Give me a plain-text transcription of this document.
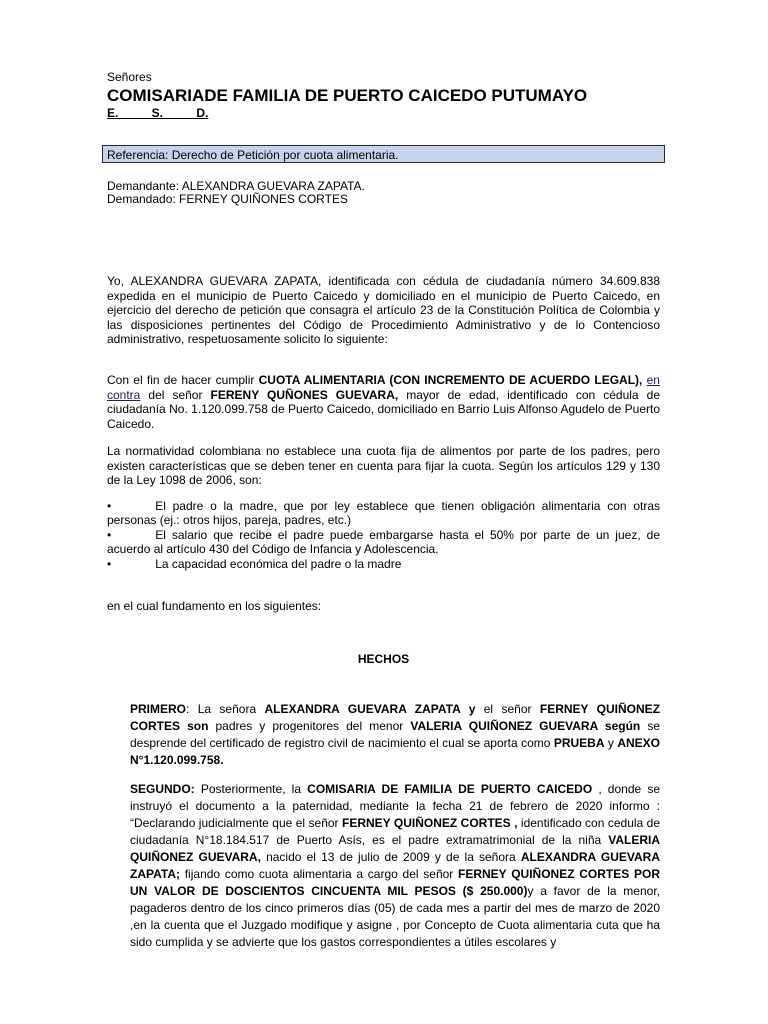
Señores
COMISARIADE FAMILIA DE PUERTO CAICEDO PUTUMAYO
E. S. D.
Referencia: Derecho de Petición por cuota alimentaria.
Demandante: ALEXANDRA GUEVARA ZAPATA.
Demandado: FERNEY QUIÑONES CORTES
Yo, ALEXANDRA GUEVARA ZAPATA, identificada con cédula de ciudadanía número 34.609.838 expedida en el municipio de Puerto Caicedo y domiciliado en el municipio de Puerto Caicedo, en ejercicio del derecho de petición que consagra el artículo 23 de la Constitución Política de Colombia y las disposiciones pertinentes del Código de Procedimiento Administrativo y de lo Contencioso administrativo, respetuosamente solicito lo siguiente:
Con el fin de hacer cumplir CUOTA ALIMENTARIA (CON INCREMENTO DE ACUERDO LEGAL), en contra del señor FERENY QUÑONES GUEVARA, mayor de edad, identificado con cédula de ciudadanía No. 1.120.099.758 de Puerto Caicedo, domiciliado en Barrio Luis Alfonso Agudelo de Puerto Caicedo.
La normatividad colombiana no establece una cuota fija de alimentos por parte de los padres, pero existen características que se deben tener en cuenta para fijar la cuota. Según los artículos 129 y 130 de la Ley 1098 de 2006, son:
•	El padre o la madre, que por ley establece que tienen obligación alimentaria con otras personas (ej.: otros hijos, pareja, padres, etc.)
•	El salario que recibe el padre puede embargarse hasta el 50% por parte de un juez, de acuerdo al artículo 430 del Código de Infancia y Adolescencia.
•	La capacidad económica del padre o la madre
en el cual fundamento en los siguientes:
HECHOS
PRIMERO: La señora ALEXANDRA GUEVARA ZAPATA y el señor FERNEY QUIÑONEZ CORTES son padres y progenitores del menor VALERIA QUIÑONEZ GUEVARA según se desprende del certificado de registro civil de nacimiento el cual se aporta como PRUEBA y ANEXO N°1.120.099.758.
SEGUNDO: Posteriormente, la COMISARIA DE FAMILIA DE PUERTO CAICEDO , donde se instruyó el documento a la paternidad, mediante la fecha 21 de febrero de 2020 informo : “Declarando judicialmente que el señor FERNEY QUIÑONEZ CORTES , identificado con cedula de ciudadanía N°18.184.517 de Puerto Asís, es el padre extramatrimonial de la niña VALERIA QUIÑONEZ GUEVARA, nacido el 13 de julio de 2009 y de la señora ALEXANDRA GUEVARA ZAPATA; fijando como cuota alimentaria a cargo del señor FERNEY QUIÑONEZ CORTES POR UN VALOR DE DOSCIENTOS CINCUENTA MIL PESOS ($ 250.000)y a favor de la menor, pagaderos dentro de los cinco primeros días (05) de cada mes a partir del mes de marzo de 2020 ,en la cuenta que el Juzgado modifique y asigne , por Concepto de Cuota alimentaria cuta que ha sido cumplida y se advierte que los gastos correspondientes a útiles escolares y
